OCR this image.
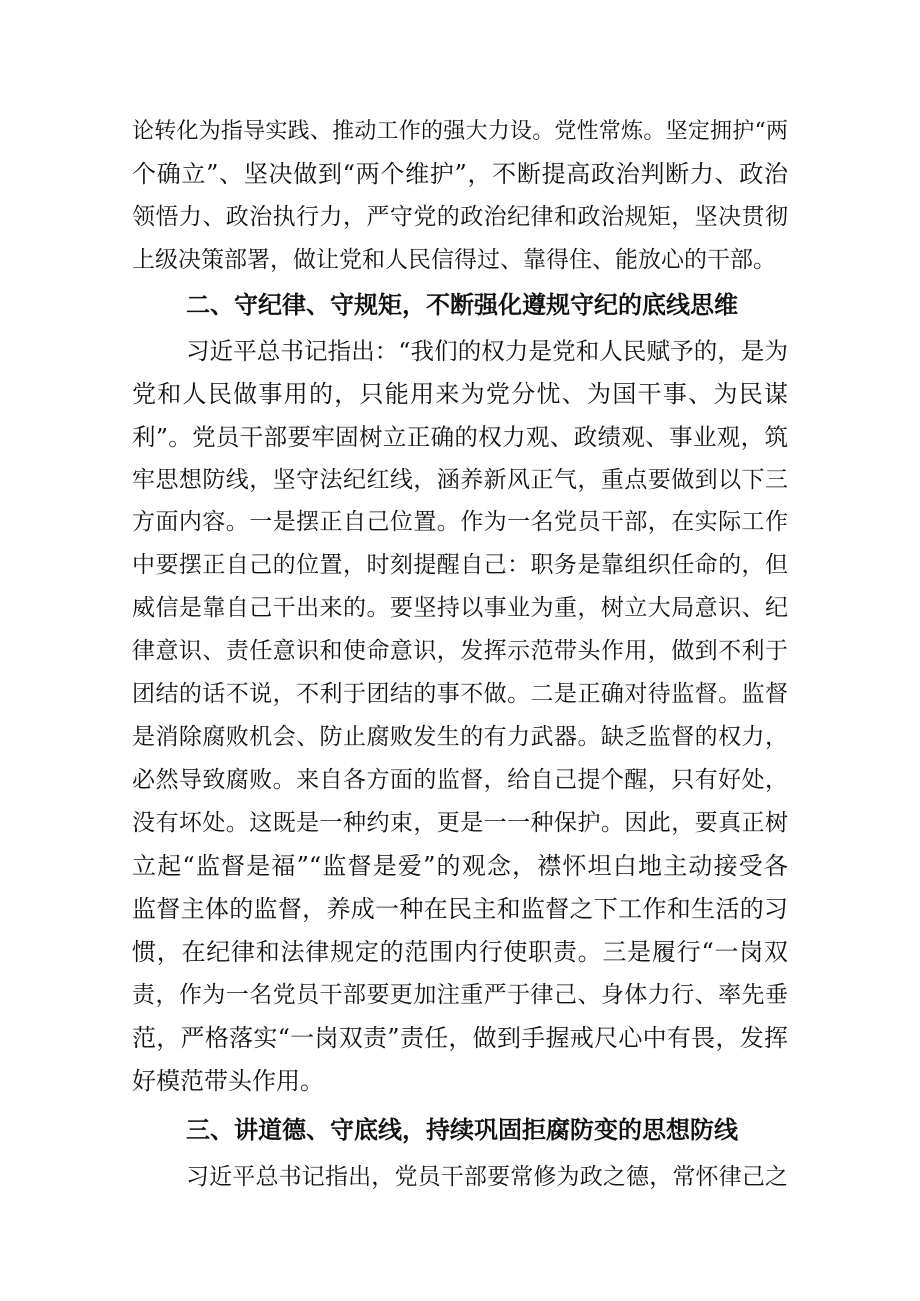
论转化为指导实践、推动工作的强大力设。党性常炼。坚定拥护“两
个确立”、坚决做到“两个维护”，不断提高政治判断力、政治
领悟力、政治执行力，严守党的政治纪律和政治规矩，坚决贯彻
上级决策部署，做让党和人民信得过、靠得住、能放心的干部。
二、守纪律、守规矩，不断强化遵规守纪的底线思维
习近平总书记指出：“我们的权力是党和人民赋予的，是为
党和人民做事用的，只能用来为党分忧、为国干事、为民谋
利”。党员干部要牢固树立正确的权力观、政绩观、事业观，筑
牢思想防线，坚守法纪红线，涵养新风正气，重点要做到以下三
方面内容。一是摆正自己位置。作为一名党员干部，在实际工作
中要摆正自己的位置，时刻提醒自己：职务是靠组织任命的，但
威信是靠自己干出来的。要坚持以事业为重，树立大局意识、纪
律意识、责任意识和使命意识，发挥示范带头作用，做到不利于
团结的话不说，不利于团结的事不做。二是正确对待监督。监督
是消除腐败机会、防止腐败发生的有力武器。缺乏监督的权力，
必然导致腐败。来自各方面的监督，给自己提个醒，只有好处，
没有坏处。这既是一种约束，更是一一种保护。因此，要真正树
立起“监督是福”“监督是爱”的观念，襟怀坦白地主动接受各
监督主体的监督，养成一种在民主和监督之下工作和生活的习
惯，在纪律和法律规定的范围内行使职责。三是履行“一岗双
责，作为一名党员干部要更加注重严于律己、身体力行、率先垂
范，严格落实“一岗双责”责任，做到手握戒尺心中有畏，发挥
好模范带头作用。
三、讲道德、守底线，持续巩固拒腐防变的思想防线
习近平总书记指出，党员干部要常修为政之德，常怀律己之
